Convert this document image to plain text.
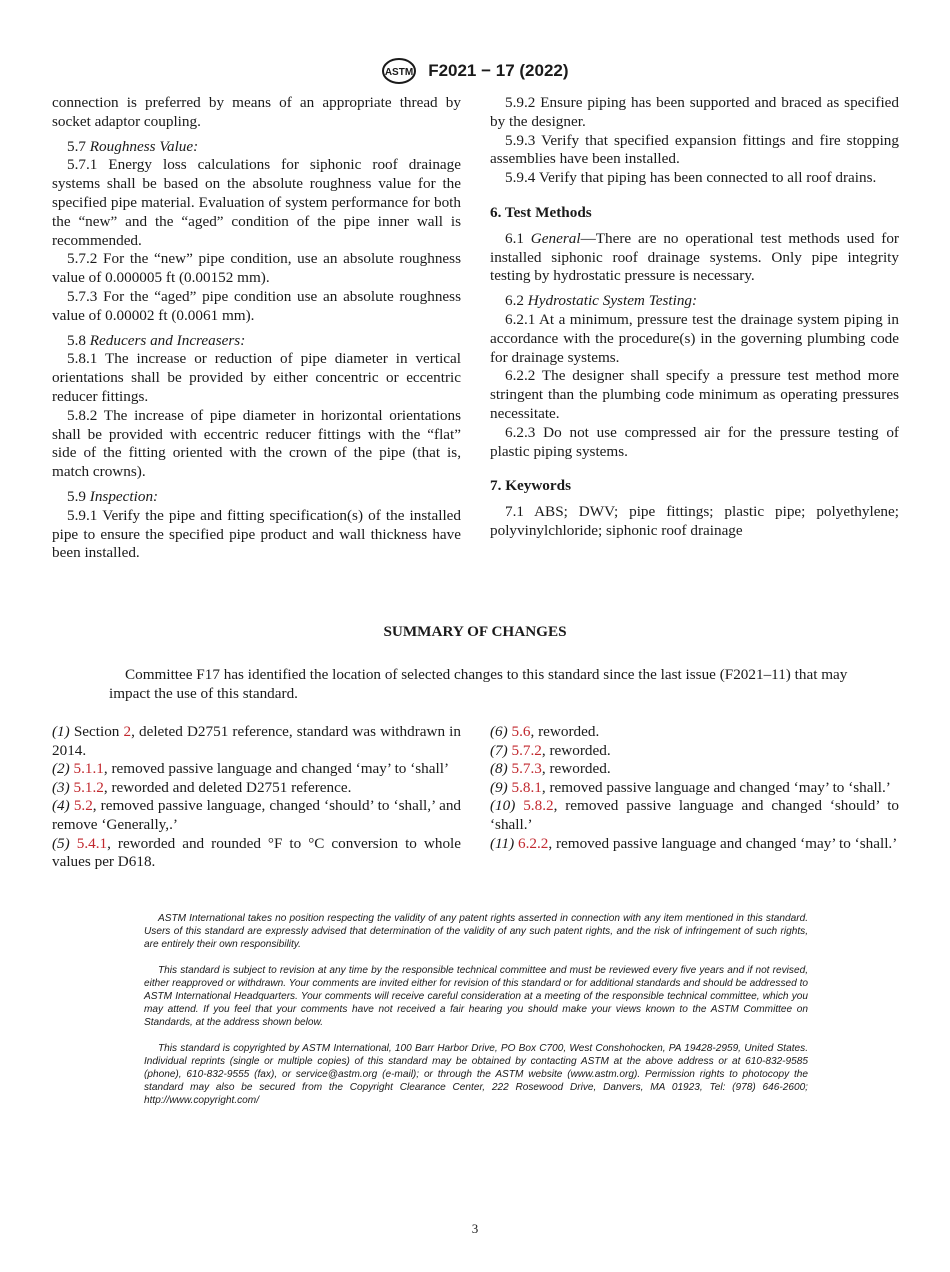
ASTM F2021 − 17 (2022)

connection is preferred by means of an appropriate thread by socket adaptor coupling.

5.7 Roughness Value:

5.7.1 Energy loss calculations for siphonic roof drainage systems shall be based on the absolute roughness value for the specified pipe material. Evaluation of system performance for both the “new” and the “aged” condition of the pipe inner wall is recommended.

5.7.2 For the “new” pipe condition, use an absolute roughness value of 0.000005 ft (0.00152 mm).

5.7.3 For the “aged” pipe condition use an absolute roughness value of 0.00002 ft (0.0061 mm).

5.8 Reducers and Increasers:

5.8.1 The increase or reduction of pipe diameter in vertical orientations shall be provided by either concentric or eccentric reducer fittings.

5.8.2 The increase of pipe diameter in horizontal orientations shall be provided with eccentric reducer fittings with the “flat” side of the fitting oriented with the crown of the pipe (that is, match crowns).

5.9 Inspection:

5.9.1 Verify the pipe and fitting specification(s) of the installed pipe to ensure the specified pipe product and wall thickness have been installed.

5.9.2 Ensure piping has been supported and braced as specified by the designer.

5.9.3 Verify that specified expansion fittings and fire stopping assemblies have been installed.

5.9.4 Verify that piping has been connected to all roof drains.

6. Test Methods

6.1 General—There are no operational test methods used for installed siphonic roof drainage systems. Only pipe integrity testing by hydrostatic pressure is necessary.

6.2 Hydrostatic System Testing:

6.2.1 At a minimum, pressure test the drainage system piping in accordance with the procedure(s) in the governing plumbing code for drainage systems.

6.2.2 The designer shall specify a pressure test method more stringent than the plumbing code minimum as operating pressures necessitate.

6.2.3 Do not use compressed air for the pressure testing of plastic piping systems.

7. Keywords

7.1 ABS; DWV; pipe fittings; plastic pipe; polyethylene; polyvinylchloride; siphonic roof drainage

SUMMARY OF CHANGES

Committee F17 has identified the location of selected changes to this standard since the last issue (F2021–11) that may impact the use of this standard.

(1) Section 2, deleted D2751 reference, standard was withdrawn in 2014.
(2) 5.1.1, removed passive language and changed ‘may’ to ‘shall’
(3) 5.1.2, reworded and deleted D2751 reference.
(4) 5.2, removed passive language, changed ‘should’ to ‘shall,’ and remove ‘Generally,.’
(5) 5.4.1, reworded and rounded °F to °C conversion to whole values per D618.
(6) 5.6, reworded.
(7) 5.7.2, reworded.
(8) 5.7.3, reworded.
(9) 5.8.1, removed passive language and changed ‘may’ to ‘shall.’
(10) 5.8.2, removed passive language and changed ‘should’ to ‘shall.’
(11) 6.2.2, removed passive language and changed ‘may’ to ‘shall.’

ASTM International takes no position respecting the validity of any patent rights asserted in connection with any item mentioned in this standard. Users of this standard are expressly advised that determination of the validity of any such patent rights, and the risk of infringement of such rights, are entirely their own responsibility.

This standard is subject to revision at any time by the responsible technical committee and must be reviewed every five years and if not revised, either reapproved or withdrawn. Your comments are invited either for revision of this standard or for additional standards and should be addressed to ASTM International Headquarters. Your comments will receive careful consideration at a meeting of the responsible technical committee, which you may attend. If you feel that your comments have not received a fair hearing you should make your views known to the ASTM Committee on Standards, at the address shown below.

This standard is copyrighted by ASTM International, 100 Barr Harbor Drive, PO Box C700, West Conshohocken, PA 19428-2959, United States. Individual reprints (single or multiple copies) of this standard may be obtained by contacting ASTM at the above address or at 610-832-9585 (phone), 610-832-9555 (fax), or service@astm.org (e-mail); or through the ASTM website (www.astm.org). Permission rights to photocopy the standard may also be secured from the Copyright Clearance Center, 222 Rosewood Drive, Danvers, MA 01923, Tel: (978) 646-2600; http://www.copyright.com/

3
